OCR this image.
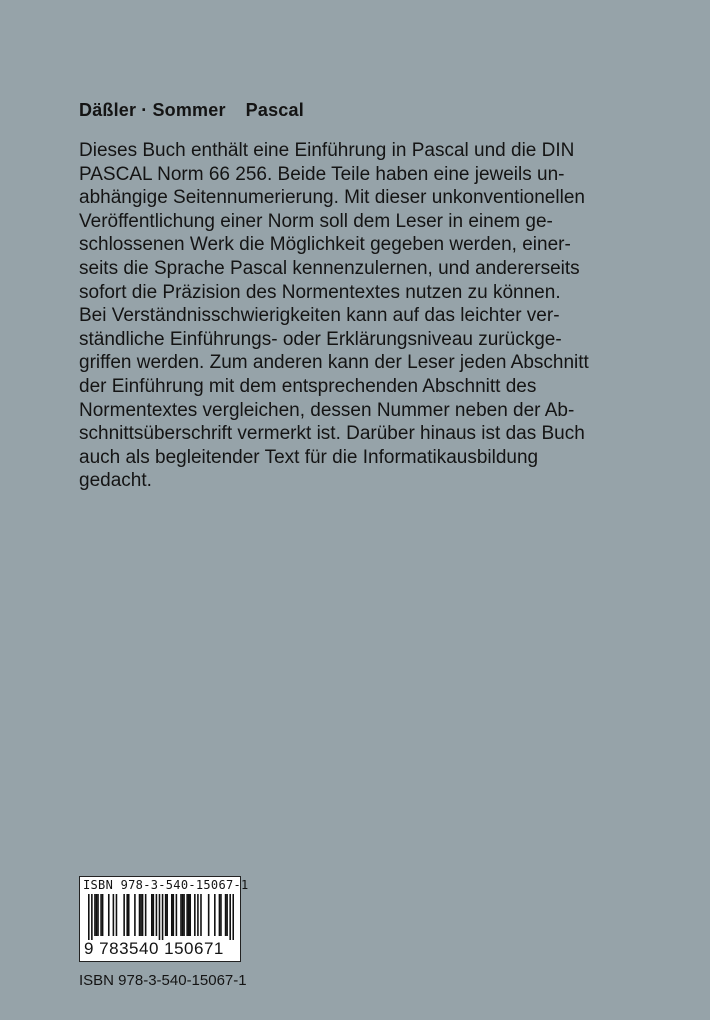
Däßler · Sommer Pascal
Dieses Buch enthält eine Einführung in Pascal und die DIN
PASCAL Norm 66 256. Beide Teile haben eine jeweils un-
abhängige Seitennumerierung. Mit dieser unkonventionellen
Veröffentlichung einer Norm soll dem Leser in einem ge-
schlossenen Werk die Möglichkeit gegeben werden, einer-
seits die Sprache Pascal kennenzulernen, und andererseits
sofort die Präzision des Normentextes nutzen zu können.
Bei Verständnisschwierigkeiten kann auf das leichter ver-
ständliche Einführungs- oder Erklärungsniveau zurückge-
griffen werden. Zum anderen kann der Leser jeden Abschnitt
der Einführung mit dem entsprechenden Abschnitt des
Normentextes vergleichen, dessen Nummer neben der Ab-
schnittsüberschrift vermerkt ist. Darüber hinaus ist das Buch
auch als begleitender Text für die Informatikausbildung
gedacht.
ISBN 978-3-540-15067-1
9 783540 150671
ISBN 978-3-540-15067-1
